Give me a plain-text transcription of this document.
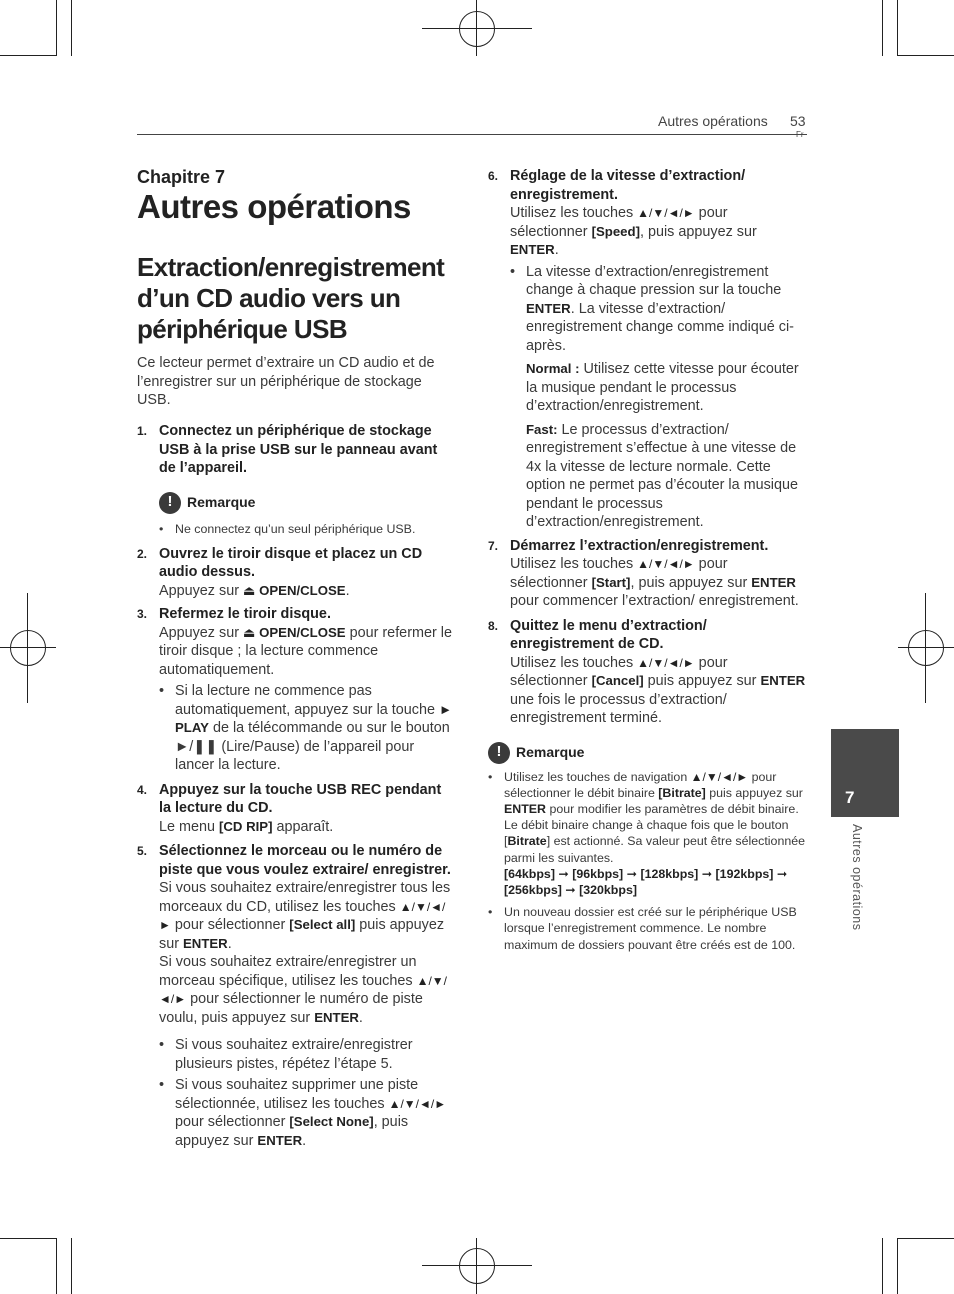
Autres opérations 53
Chapitre 7
Autres opérations
Extraction/enregistrement d’un CD audio vers un périphérique USB
Ce lecteur permet d’extraire un CD audio et de l’enregistrer sur un périphérique de stockage USB.

1. Connectez un périphérique de stockage USB à la prise USB sur le panneau avant de l’appareil.

!	Remarque

• Ne connectez qu’un seul périphérique USB.

2. Ouvrez le tiroir disque et placez un CD audio dessus.
Appuyez sur ⏏ OPEN/CLOSE.

3. Refermez le tiroir disque.
Appuyez sur ⏏ OPEN/CLOSE pour refermer le tiroir disque ; la lecture commence automatiquement.

• Si la lecture ne commence pas automatiquement, appuyez sur la touche ► PLAY de la télécommande ou sur le bouton ►/❚❚ (Lire/Pause) de l’appareil pour lancer la lecture.

4. Appuyez sur la touche USB REC pendant la lecture du CD.
Le menu [CD RIP] apparaît.

5. Sélectionnez le morceau ou le numéro de piste que vous voulez extraire/ enregistrer.
Si vous souhaitez extraire/enregistrer tous les morceaux du CD, utilisez les touches ▲/▼/◄/► pour sélectionner [Select all] puis appuyez sur ENTER.
Si vous souhaitez extraire/enregistrer un morceau spécifique, utilisez les touches ▲/▼/◄/► pour sélectionner le numéro de piste voulu, puis appuyez sur ENTER.

• Si vous souhaitez extraire/enregistrer plusieurs pistes, répétez l’étape 5.

• Si vous souhaitez supprimer une piste sélectionnée, utilisez les touches ▲/▼/◄/► pour sélectionner [Select None], puis appuyez sur ENTER.

6. Réglage de la vitesse d’extraction/ enregistrement.
Utilisez les touches ▲/▼/◄/► pour sélectionner [Speed], puis appuyez sur ENTER.

• La vitesse d’extraction/enregistrement change à chaque pression sur la touche ENTER. La vitesse d’extraction/ enregistrement change comme indiqué ci-après.

Normal : Utilisez cette vitesse pour écouter la musique pendant le processus d’extraction/enregistrement.

Fast: Le processus d’extraction/ enregistrement s’effectue à une vitesse de 4x la vitesse de lecture normale. Cette option ne permet pas d’écouter la musique pendant le processus d’extraction/enregistrement.

7. Démarrez l’extraction/enregistrement.
Utilisez les touches ▲/▼/◄/► pour sélectionner [Start], puis appuyez sur ENTER pour commencer l’extraction/ enregistrement.

8. Quittez le menu d’extraction/ enregistrement de CD.
Utilisez les touches ▲/▼/◄/► pour sélectionner [Cancel] puis appuyez sur ENTER une fois le processus d’extraction/ enregistrement terminé.

!	Remarque

• Utilisez les touches de navigation ▲/▼/◄/► pour sélectionner le débit binaire [Bitrate] puis appuyez sur ENTER pour modifier les paramètres de débit binaire.
Le débit binaire change à chaque fois que le bouton [Bitrate] est actionné. Sa valeur peut être sélectionnée parmi les suivantes.
[64kbps] ➞ [96kbps] ➞ [128kbps] ➞ [192kbps] ➞ [256kbps] ➞ [320kbps]

• Un nouveau dossier est créé sur le périphérique USB lorsque l’enregistrement commence. Le nombre maximum de dossiers pouvant être créés est de 100.

7
Autres opérations
